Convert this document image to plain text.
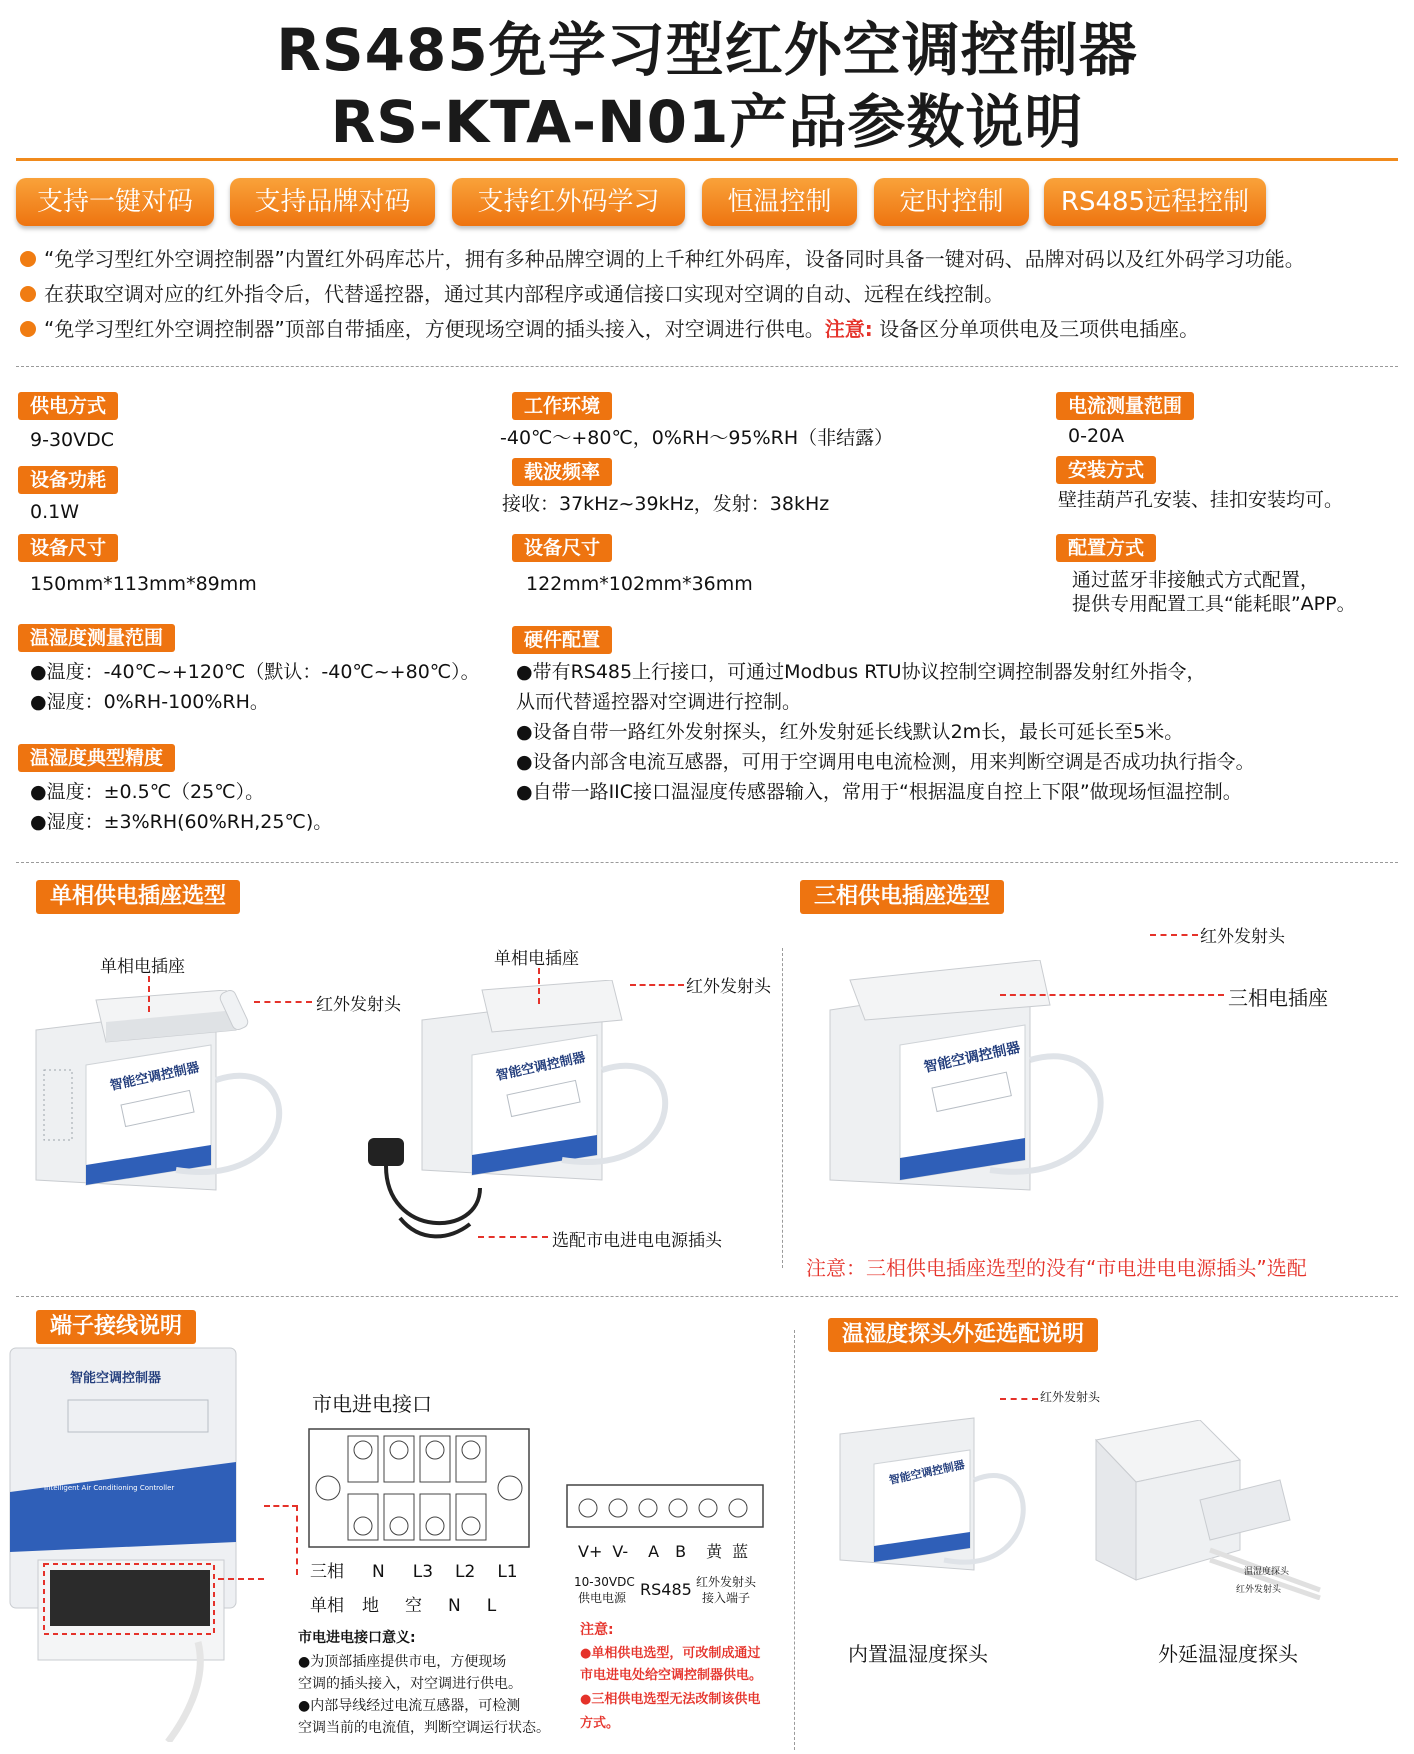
RS485免学习型红外空调控制器
RS-KTA-N01产品参数说明
支持一键对码	支持品牌对码	支持红外码学习	恒温控制	定时控制	RS485远程控制
“免学习型红外空调控制器”内置红外码库芯片，拥有多种品牌空调的上千种红外码库，设备同时具备一键对码、品牌对码以及红外码学习功能。
在获取空调对应的红外指令后，代替遥控器，通过其内部程序或通信接口实现对空调的自动、远程在线控制。
“免学习型红外空调控制器”顶部自带插座，方便现场空调的插头接入，对空调进行供电。注意: 设备区分单项供电及三项供电插座。
供电方式
9-30VDC
设备功耗
0.1W
设备尺寸
150mm*113mm*89mm
工作环境
-40℃～+80℃，0%RH～95%RH（非结露）
载波频率
接收：37kHz~39kHz，发射：38kHz
设备尺寸
122mm*102mm*36mm
电流测量范围
0-20A
安装方式
壁挂葫芦孔安装、挂扣安装均可。
配置方式
通过蓝牙非接触式方式配置，
提供专用配置工具“能耗眼”APP。
温湿度测量范围
●温度：-40℃~+120℃（默认：-40℃~+80℃）。
●湿度：0%RH-100%RH。
温湿度典型精度
●温度：±0.5℃（25℃）。
●湿度：±3%RH(60%RH,25℃)。
硬件配置
●带有RS485上行接口，可通过Modbus RTU协议控制空调控制器发射红外指令，
从而代替遥控器对空调进行控制。
●设备自带一路红外发射探头，红外发射延长线默认2m长，最长可延长至5米。
●设备内部含电流互感器，可用于空调用电电流检测，用来判断空调是否成功执行指令。
●自带一路IIC接口温湿度传感器输入，常用于“根据温度自控上下限”做现场恒温控制。
单相供电插座选型	三相供电插座选型
智能空调控制器
单相电插座
红外发射头
智能空调控制器
单相电插座
红外发射头
选配市电进电电源插头
智能空调控制器
红外发射头
三相电插座
注意：三相供电插座选型的没有“市电进电电源插头”选配
端子接线说明	温湿度探头外延选配说明
智能空调控制器
Intelligent Air Conditioning Controller
市电进电接口
三相 N L3 L2 L1
单相 地 空 N L
市电进电接口意义:
●为顶部插座提供市电，方便现场
空调的插头接入，对空调进行供电。
●内部导线经过电流互感器，可检测
空调当前的电流值，判断空调运行状态。
V+ V- A B 黄 蓝
10-30VDC
供电电源 RS485 红外发射头
接入端子
注意:
●单相供电选型，可改制成通过
市电进电处给空调控制器供电。
●三相供电选型无法改制该供电
方式。
智能空调控制器
红外发射头
温湿度探头
红外发射头
内置温湿度探头	外延温湿度探头
